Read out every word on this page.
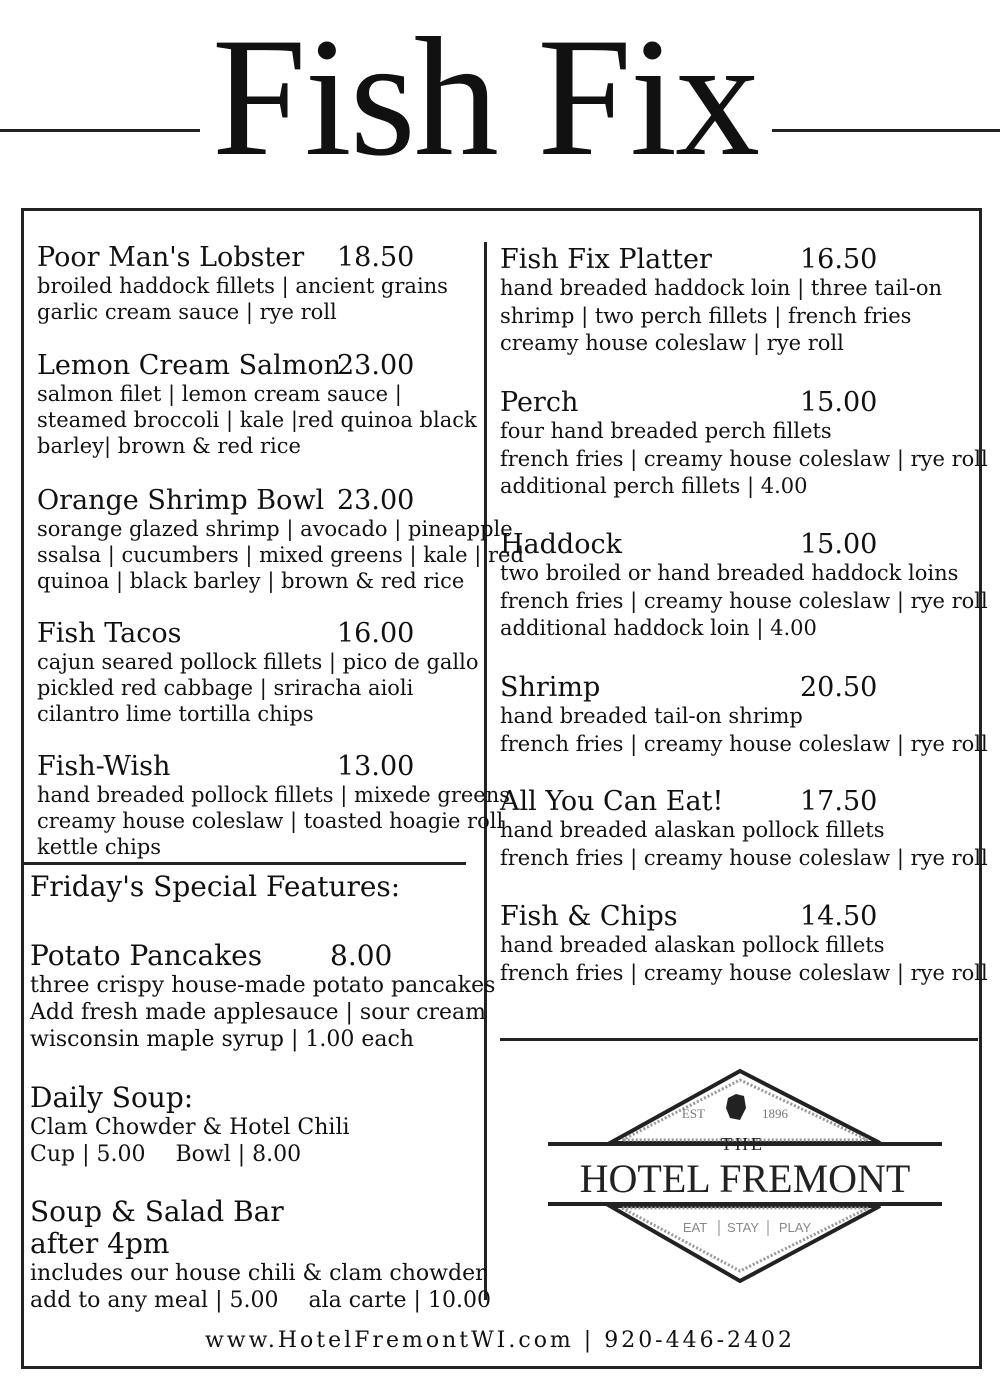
Fish Fix
Poor Man's Lobster 18.50
broiled haddock fillets | ancient grains
garlic cream sauce | rye roll
Lemon Cream Salmon
23.00
salmon filet | lemon cream sauce |
steamed broccoli | kale |red quinoa black
barley| brown & red rice
Orange Shrimp Bowl 23.00
sorange glazed shrimp | avocado | pineapple
ssalsa | cucumbers | mixed greens | kale | red
quinoa | black barley | brown & red rice
Fish Tacos	16.00
cajun seared pollock fillets | pico de gallo
pickled red cabbage | sriracha aioli
cilantro lime tortilla chips
Fish-Wish	13.00
hand breaded pollock fillets | mixede greens
creamy house coleslaw | toasted hoagie roll
kettle chips
Fish Fix Platter	16.50
hand breaded haddock loin | three tail-on
shrimp | two perch fillets | french fries
creamy house coleslaw | rye roll
Perch	15.00
four hand breaded perch fillets
french fries | creamy house coleslaw | rye roll
additional perch fillets | 4.00
Haddock	15.00
two broiled or hand breaded haddock loins
french fries | creamy house coleslaw | rye roll
additional haddock loin | 4.00
Shrimp	20.50
hand breaded tail-on shrimp
french fries | creamy house coleslaw | rye roll
All You Can Eat!	17.50
hand breaded alaskan pollock fillets
french fries | creamy house coleslaw | rye roll
Fish & Chips	14.50
hand breaded alaskan pollock fillets
french fries | creamy house coleslaw | rye roll
Friday's Special Features:
Potato Pancakes 8.00
three crispy house-made potato pancakes
Add fresh made applesauce | sour cream
wisconsin maple syrup | 1.00 each
Daily Soup:
Clam Chowder & Hotel Chili
Cup | 5.00 Bowl | 8.00
Soup & Salad Bar
after 4pm
includes our house chili & clam chowder
add to any meal | 5.00 ala carte | 10.00
EST	1896
THE
HOTEL FREMONT
EAT STAY PLAY
www.HotelFremontWI.com | 920-446-2402
